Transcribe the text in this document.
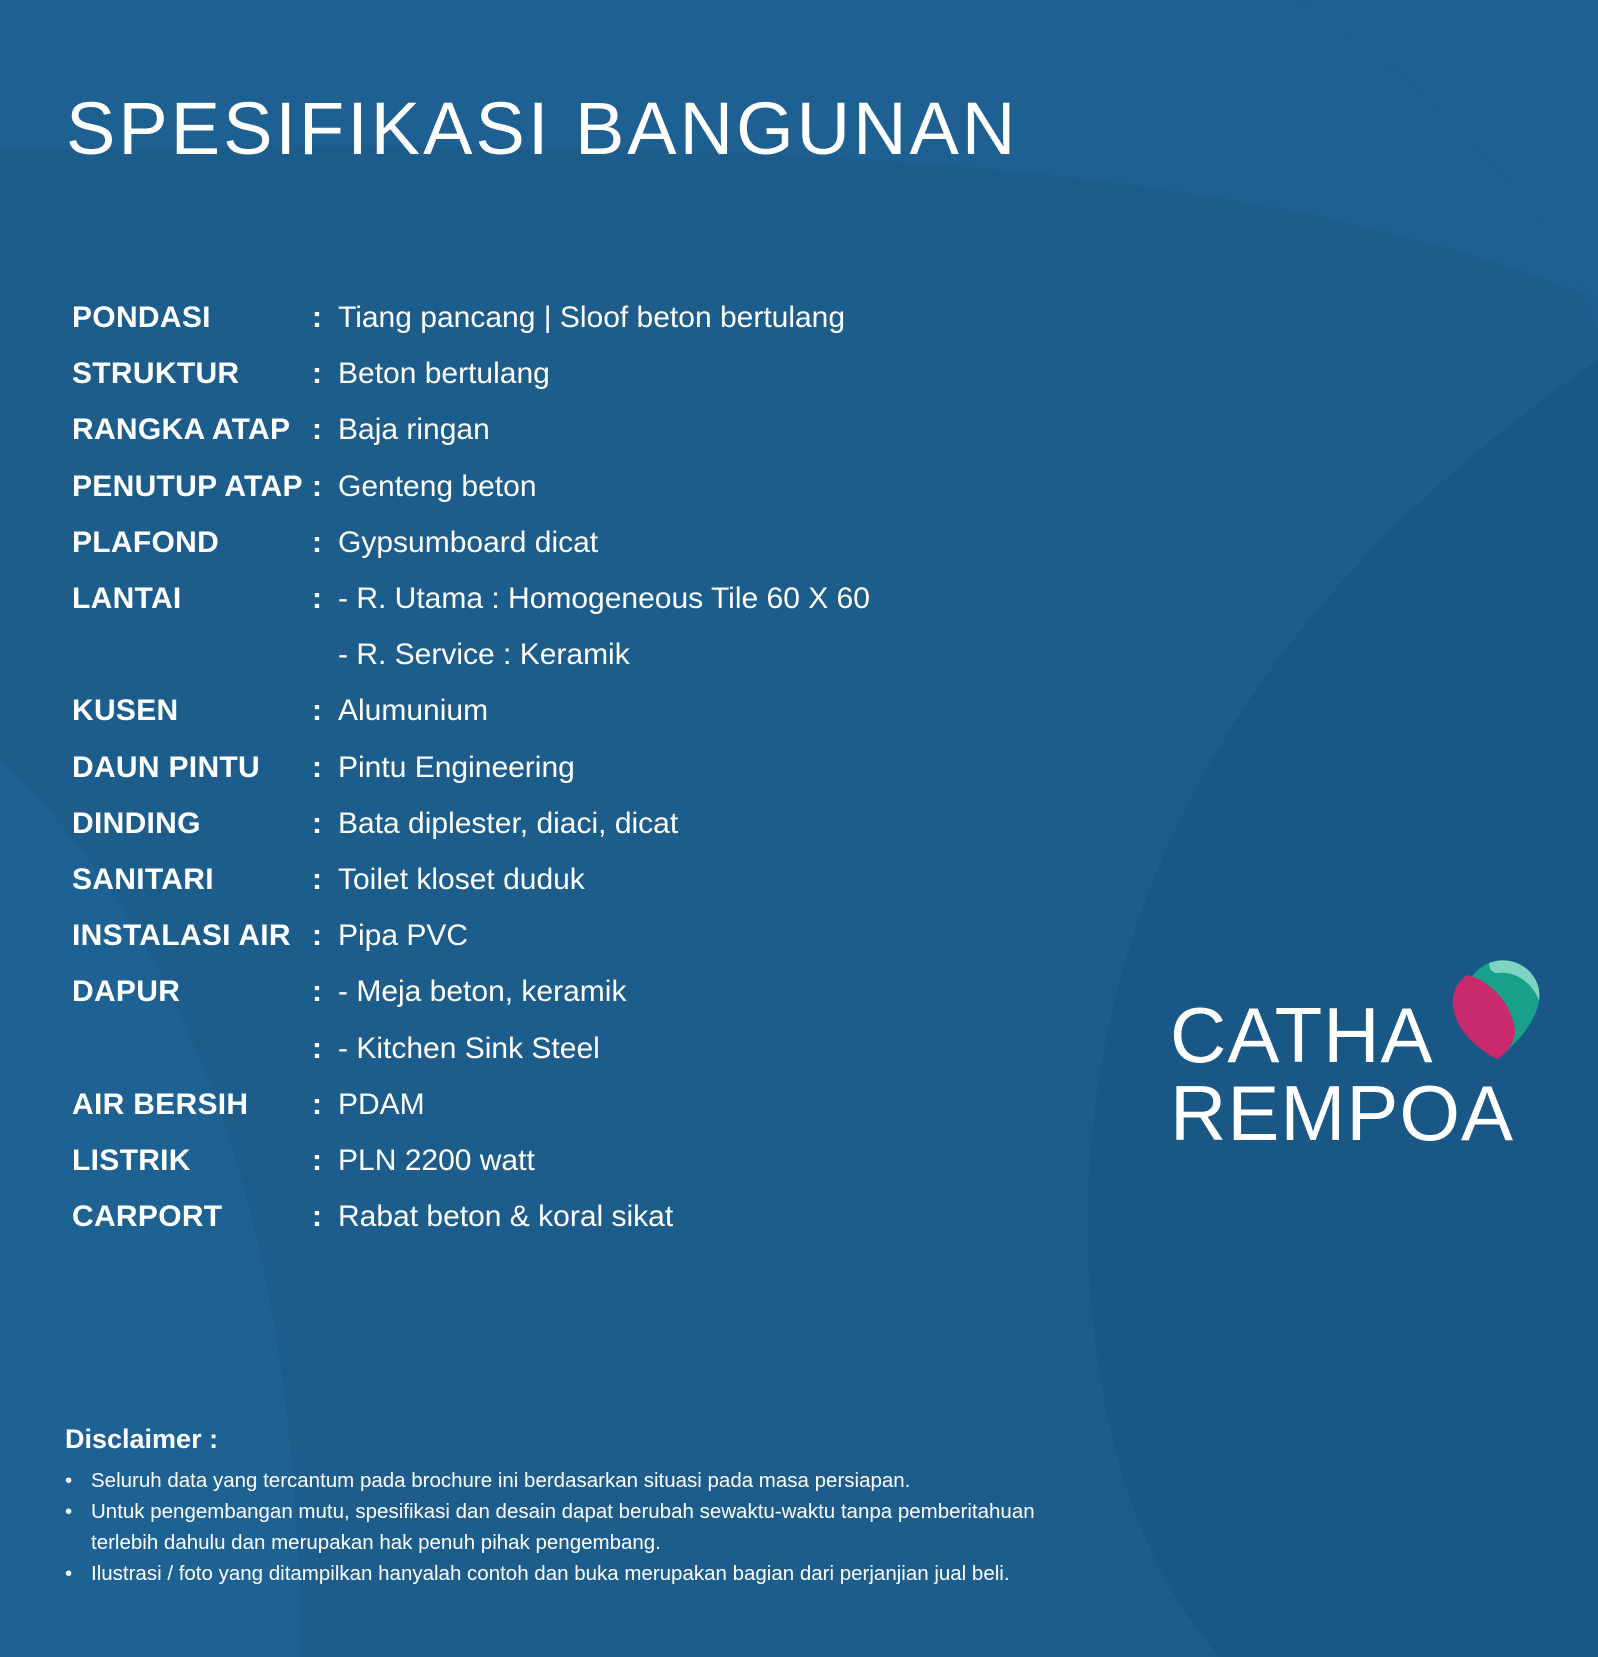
SPESIFIKASI BANGUNAN
PONDASI	: Tiang pancang | Sloof beton bertulang
STRUKTUR	: Beton bertulang
RANGKA ATAP : Baja ringan
PENUTUP ATAP : Genteng beton
PLAFOND	: Gypsumboard dicat
LANTAI	: - R. Utama : Homogeneous Tile 60 X 60
- R. Service : Keramik
KUSEN	: Alumunium
DAUN PINTU	: Pintu Engineering
DINDING	: Bata diplester, diaci, dicat
SANITARI	: Toilet kloset duduk
INSTALASI AIR : Pipa PVC
DAPUR	: - Meja beton, keramik
: - Kitchen Sink Steel
AIR BERSIH	: PDAM
LISTRIK	: PLN 2200 watt
CARPORT	: Rabat beton & koral sikat
CATHA
REMPOA
Disclaimer :
• Seluruh data yang tercantum pada brochure ini berdasarkan situasi pada masa persiapan.
• Untuk pengembangan mutu, spesifikasi dan desain dapat berubah sewaktu-waktu tanpa pemberitahuan terlebih dahulu dan merupakan hak penuh pihak pengembang.
• Ilustrasi / foto yang ditampilkan hanyalah contoh dan buka merupakan bagian dari perjanjian jual beli.
